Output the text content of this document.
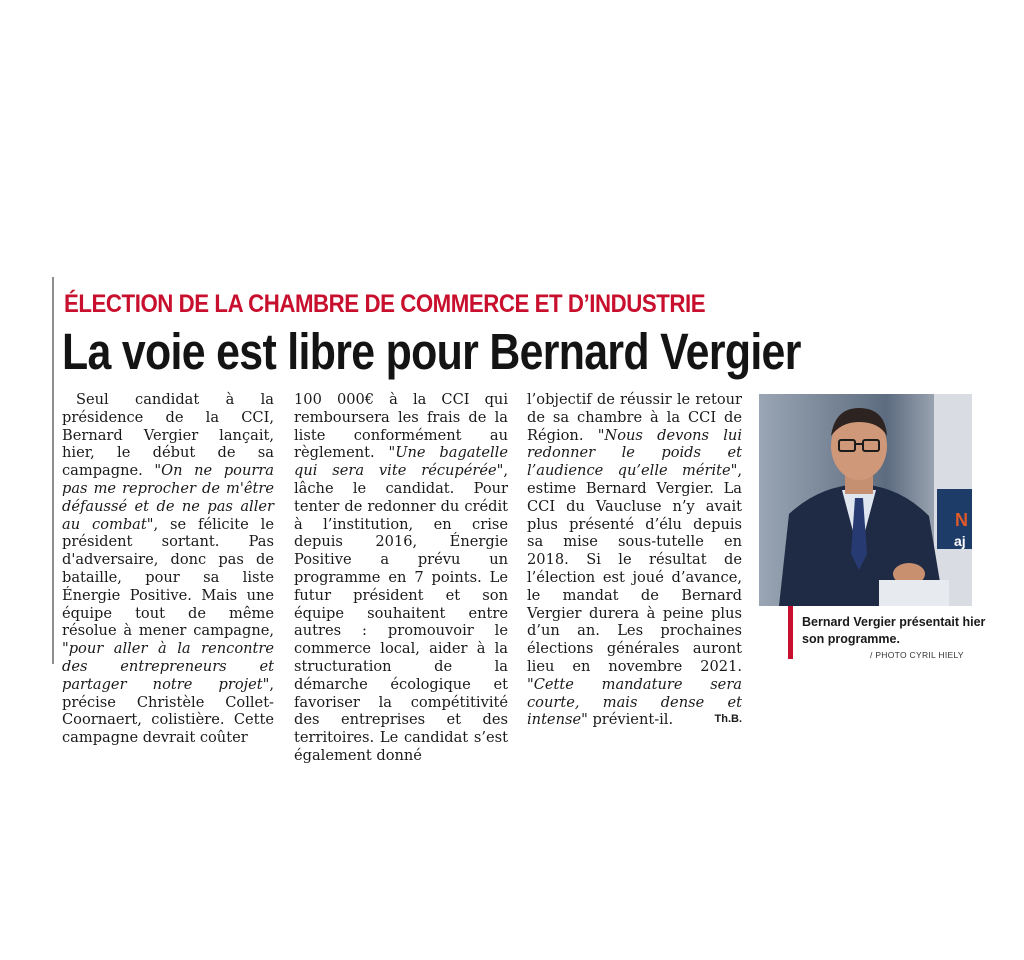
ÉLECTION DE LA CHAMBRE DE COMMERCE ET D’INDUSTRIE
La voie est libre pour Bernard Vergier

Seul candidat à la présidence de la CCI, Bernard Vergier lançait, hier, le début de sa campagne. "On ne pourra pas me reprocher de m'être défaussé et de ne pas aller au combat", se félicite le président sortant. Pas d'adversaire, donc pas de bataille, pour sa liste Énergie Positive. Mais une équipe tout de même résolue à mener campagne, "pour aller à la rencontre des entrepreneurs et partager notre projet", précise Christèle Collet-Coornaert, colistière. Cette campagne devrait coûter

100 000€ à la CCI qui remboursera les frais de la liste conformément au règlement. "Une bagatelle qui sera vite récupérée", lâche le candidat. Pour tenter de redonner du crédit à l’institution, en crise depuis 2016, Énergie Positive a prévu un programme en 7 points. Le futur président et son équipe souhaitent entre autres : promouvoir le commerce local, aider à la structuration de la démarche écologique et favoriser la compétitivité des entreprises et des territoires. Le candidat s’est également donné

l’objectif de réussir le retour de sa chambre à la CCI de Région. "Nous devons lui redonner le poids et l’audience qu’elle mérite", estime Bernard Vergier. La CCI du Vaucluse n’y avait plus présenté d’élu depuis sa mise sous-tutelle en 2018. Si le résultat de l’élection est joué d’avance, le mandat de Bernard Vergier durera à peine plus d’un an. Les prochaines élections générales auront lieu en novembre 2021. "Cette mandature sera courte, mais dense et intense" prévient-il.	Th.B.
N
aj
Bernard Vergier présentait hier son programme.
/ PHOTO CYRIL HIELY
